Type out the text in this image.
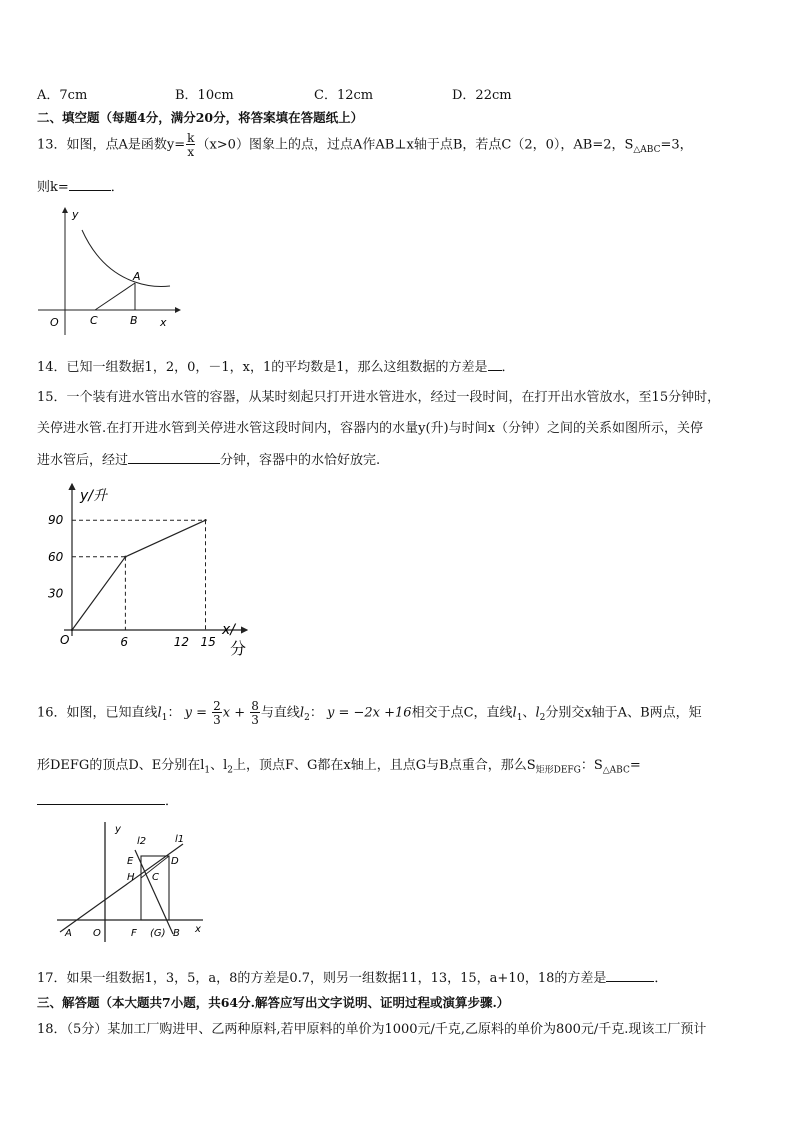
A．7cm	B．10cm	C．12cm	D．22cm
二、填空题（每题4分，满分20分，将答案填在答题纸上）
13．如图，点A是函数$y= \frac{k}{x} (x>0)$图象上的点，过点A作AB⊥x轴于点B，若点C（2，0），AB=2，$S_{\triangle ABC}=3$，
则k=	．
y
x
O	C	B
A
14．已知一组数据1，2，0，－1，x，1的平均数是1，那么这组数据的方差是 ．
15．一个装有进水管出水管的容器，从某时刻起只打开进水管进水，经过一段时间，在打开出水管放水，至15分钟时，
关停进水管.在打开进水管到关停进水管这段时间内，容器内的水量y(升)与时间x（分钟）之间的关系如图所示，关停
进水管后，经过	分钟，容器中的水恰好放完.
y/升
x/
分
O
90
60
30
6	12 15
16．如图，已知直线$l_1$： $y = \frac{2}{3}$ $x + \frac{8}{3}$ 与直线$l_2$： y = −2x +16相交于点C，直线$l_1$、$l_2$分别交x轴于A、B两点，矩
形DEFG的顶点D、E分别在$l_1$、$l_2$上，顶点F、G都在x轴上，且点G与B点重合，那么$S_{矩形DEFG}$：$S_{\triangle ABC}=$
．
y
x
l2	l1
E	D
H C
A O	F (G) B
17．如果一组数据1，3，5，a，8的方差是0.7，则另一组数据11，13，15，a+10，18的方差是	．
三、解答题（本大题共7小题，共64分.解答应写出文字说明、证明过程或演算步骤.）
18．（5分）某加工厂购进甲、乙两种原料,若甲原料的单价为1000元/千克,乙原料的单价为800元/千克.现该工厂预计
